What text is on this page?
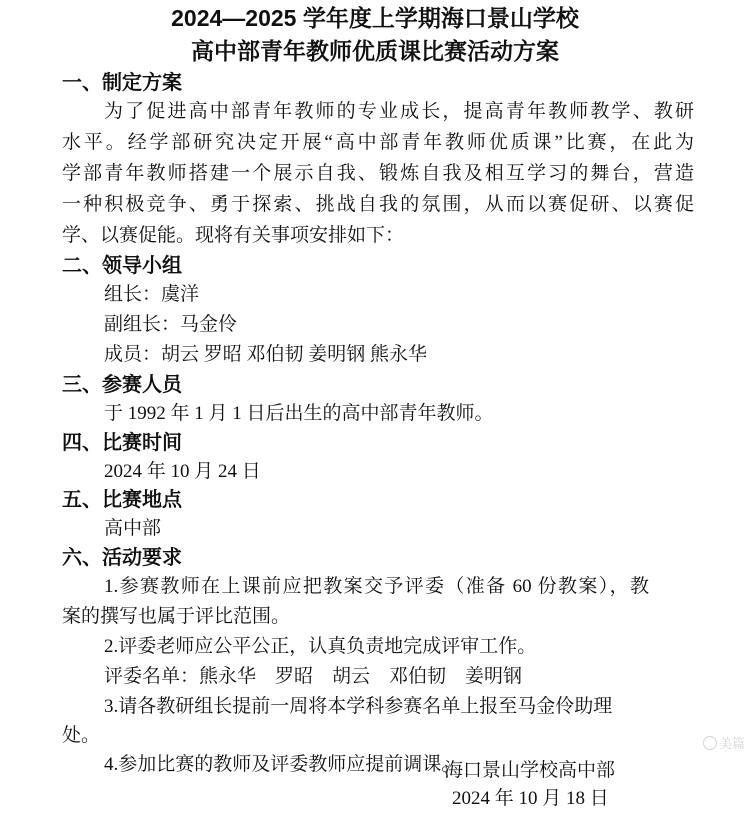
2024—2025 学年度上学期海口景山学校
高中部青年教师优质课比赛活动方案
一、制定方案
为了促进高中部青年教师的专业成长，提高青年教师教学、教研
水平。经学部研究决定开展“高中部青年教师优质课”比赛，在此为
学部青年教师搭建一个展示自我、锻炼自我及相互学习的舞台，营造
一种积极竞争、勇于探索、挑战自我的氛围，从而以赛促研、以赛促
学、以赛促能。现将有关事项安排如下：
二、领导小组
组长：虞洋
副组长：马金伶
成员：胡云 罗昭 邓伯韧 姜明钢 熊永华
三、参赛人员
于 1992 年 1 月 1 日后出生的高中部青年教师。
四、比赛时间
2024 年 10 月 24 日
五、比赛地点
高中部
六、活动要求
1.参赛教师在上课前应把教案交予评委（准备 60 份教案），教
案的撰写也属于评比范围。
2.评委老师应公平公正，认真负责地完成评审工作。
评委名单：熊永华    罗昭    胡云    邓伯韧    姜明钢
3.请各教研组长提前一周将本学科参赛名单上报至马金伶助理
处。
4.参加比赛的教师及评委教师应提前调课。
海口景山学校高中部
2024 年 10 月 18 日
美篇
